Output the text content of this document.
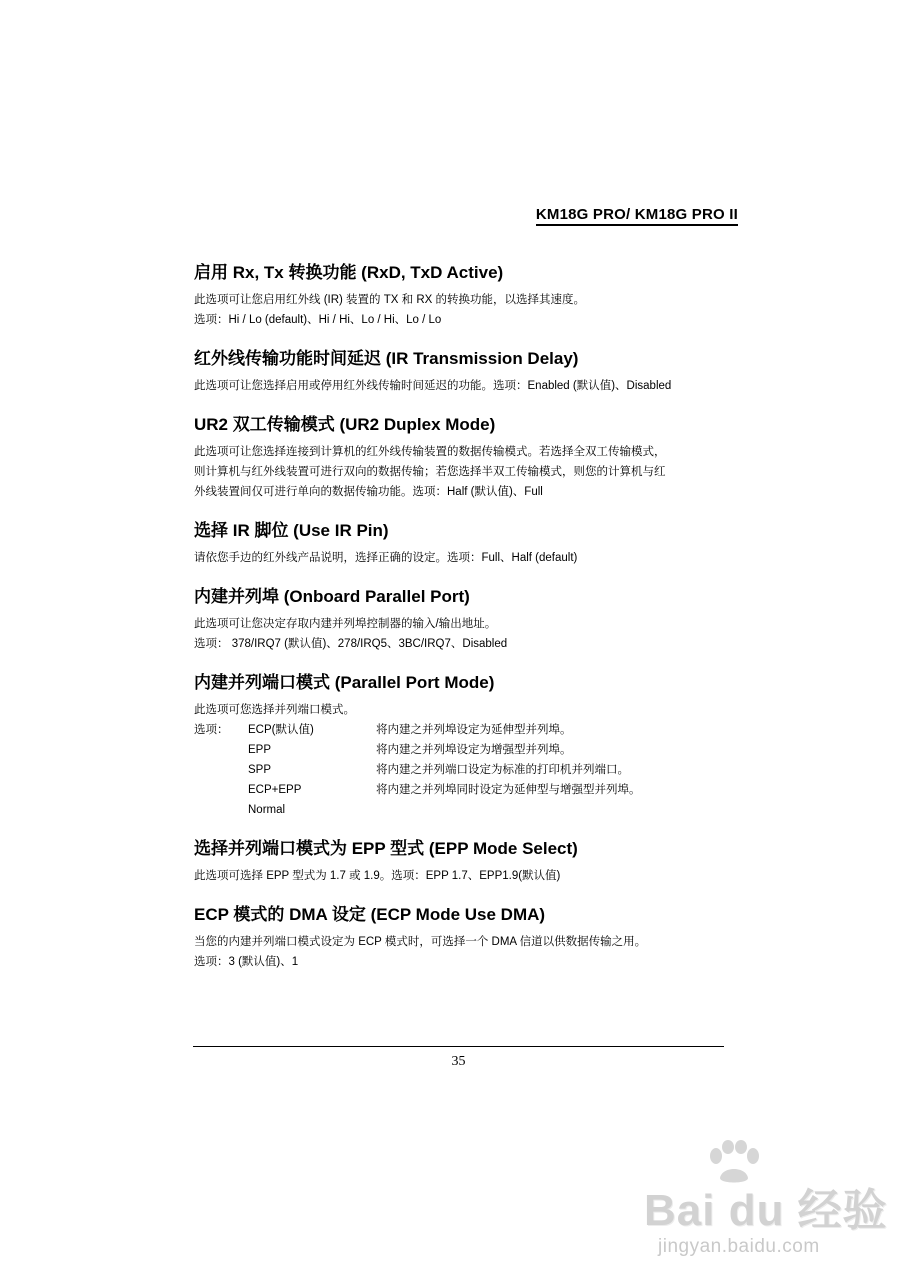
KM18G PRO/ KM18G PRO II

启用 Rx, Tx 转换功能 (RxD, TxD Active)

此选项可让您启用红外线 (IR) 装置的 TX 和 RX 的转换功能，以选择其速度。

选项：Hi / Lo (default)、Hi / Hi、Lo / Hi、Lo / Lo

红外线传输功能时间延迟 (IR Transmission Delay)

此选项可让您选择启用或停用红外线传输时间延迟的功能。选项：Enabled (默认值)、Disabled

UR2 双工传输模式 (UR2 Duplex Mode)

此选项可让您选择连接到计算机的红外线传输装置的数据传输模式。若选择全双工传输模式，

则计算机与红外线装置可进行双向的数据传输；若您选择半双工传输模式，则您的计算机与红

外线装置间仅可进行单向的数据传输功能。选项：Half (默认值)、Full

选择 IR 脚位 (Use IR Pin)

请依您手边的红外线产品说明，选择正确的设定。选项：Full、Half (default)

内建并列埠 (Onboard Parallel Port)

此选项可让您决定存取内建并列埠控制器的输入/输出地址。

选项： 378/IRQ7 (默认值)、278/IRQ5、3BC/IRQ7、Disabled

内建并列端口模式 (Parallel Port Mode)

此选项可您选择并列端口模式。

选项：	ECP(默认值)	将内建之并列埠设定为延伸型并列埠。
	EPP	将内建之并列埠设定为增强型并列埠。
	SPP	将内建之并列端口设定为标准的打印机并列端口。
	ECP+EPP	将内建之并列埠同时设定为延伸型与增强型并列埠。
	Normal	

选择并列端口模式为 EPP 型式 (EPP Mode Select)

此选项可选择 EPP 型式为 1.7 或 1.9。选项：EPP 1.7、EPP1.9(默认值)

ECP 模式的 DMA 设定 (ECP Mode Use DMA)

当您的内建并列端口模式设定为 ECP 模式时，可选择一个 DMA 信道以供数据传输之用。

选项：3 (默认值)、1

35
Bai du 经验
jingyan.baidu.com
